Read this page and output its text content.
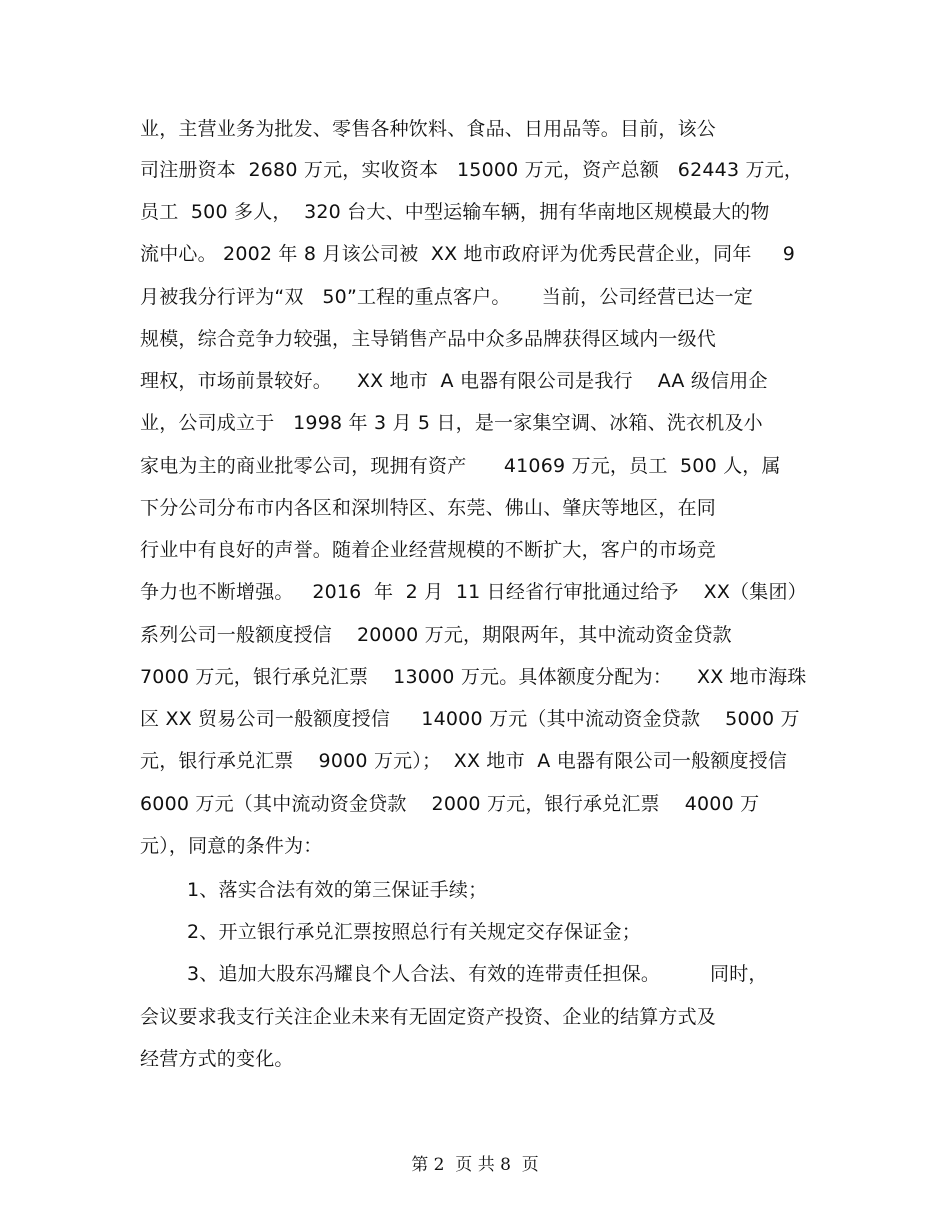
业，主营业务为批发、零售各种饮料、食品、日用品等。目前，该公
司注册资本  2680 万元，实收资本   15000 万元，资产总额   62443 万元，
员工  500 多人，  320 台大、中型运输车辆，拥有华南地区规模最大的物
流中心。 2002 年 8 月该公司被  XX 地市政府评为优秀民营企业，同年     9
月被我分行评为“双   50”工程的重点客户。     当前，公司经营已达一定
规模，综合竞争力较强，主导销售产品中众多品牌获得区域内一级代
理权，市场前景较好。    XX 地市  A 电器有限公司是我行    AA 级信用企
业，公司成立于   1998 年 3 月 5 日，是一家集空调、冰箱、洗衣机及小
家电为主的商业批零公司，现拥有资产      41069 万元，员工  500 人，属
下分公司分布市内各区和深圳特区、东莞、佛山、肇庆等地区，在同
行业中有良好的声誉。随着企业经营规模的不断扩大，客户的市场竞
争力也不断增强。   2016  年  2 月  11 日经省行审批通过给予    XX（集团）
系列公司一般额度授信    20000 万元，期限两年，其中流动资金贷款
7000 万元，银行承兑汇票    13000 万元。具体额度分配为：    XX 地市海珠
区 XX 贸易公司一般额度授信     14000 万元（其中流动资金贷款    5000 万
元，银行承兑汇票    9000 万元）；  XX 地市  A 电器有限公司一般额度授信
6000 万元（其中流动资金贷款    2000 万元，银行承兑汇票    4000 万
元），同意的条件为：
1、落实合法有效的第三保证手续；
2、开立银行承兑汇票按照总行有关规定交存保证金；
3、追加大股东冯耀良个人合法、有效的连带责任担保。        同时，
会议要求我支行关注企业未来有无固定资产投资、企业的结算方式及
经营方式的变化。
第 2  页 共 8  页
